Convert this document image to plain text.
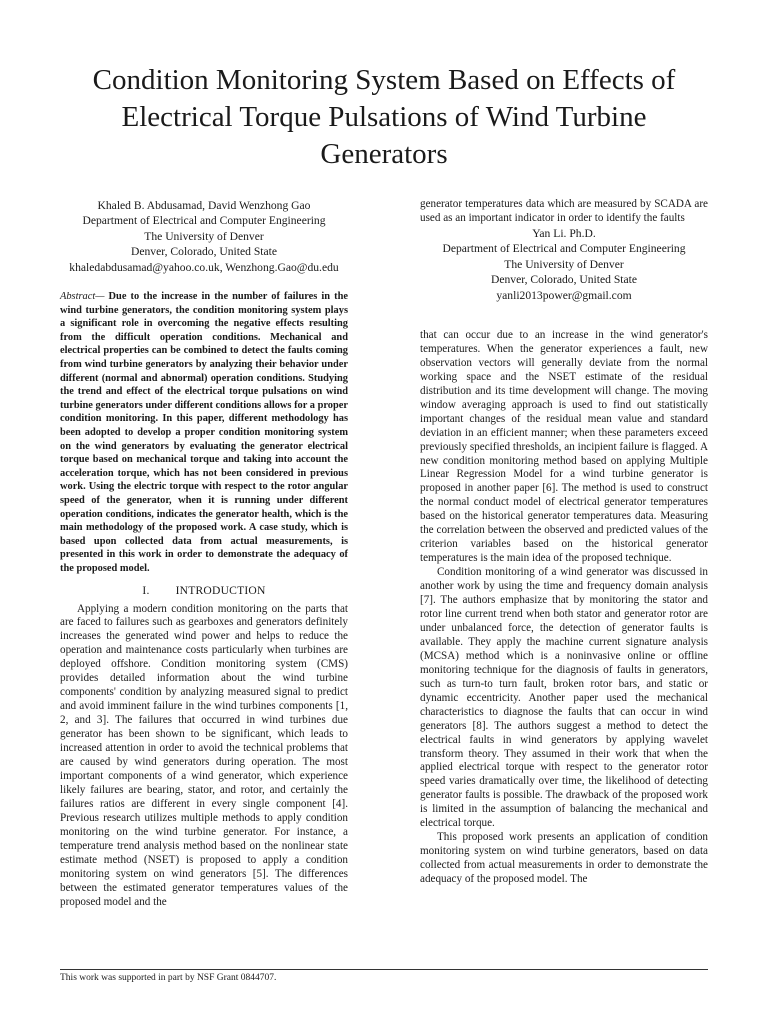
Condition Monitoring System Based on Effects of Electrical Torque Pulsations of Wind Turbine Generators
Khaled B. Abdusamad, David Wenzhong Gao
Department of Electrical and Computer Engineering
The University of Denver
Denver, Colorado, United State
khaledabdusamad@yahoo.co.uk, Wenzhong.Gao@du.edu
Abstract— Due to the increase in the number of failures in the wind turbine generators, the condition monitoring system plays a significant role in overcoming the negative effects resulting from the difficult operation conditions. Mechanical and electrical properties can be combined to detect the faults coming from wind turbine generators by analyzing their behavior under different (normal and abnormal) operation conditions. Studying the trend and effect of the electrical torque pulsations on wind turbine generators under different conditions allows for a proper condition monitoring. In this paper, different methodology has been adopted to develop a proper condition monitoring system on the wind generators by evaluating the generator electrical torque based on mechanical torque and taking into account the acceleration torque, which has not been considered in previous work. Using the electric torque with respect to the rotor angular speed of the generator, when it is running under different operation conditions, indicates the generator health, which is the main methodology of the proposed work. A case study, which is based upon collected data from actual measurements, is presented in this work in order to demonstrate the adequacy of the proposed model.
I. INTRODUCTION

Applying a modern condition monitoring on the parts that are faced to failures such as gearboxes and generators definitely increases the generated wind power and helps to reduce the operation and maintenance costs particularly when turbines are deployed offshore. Condition monitoring system (CMS) provides detailed information about the wind turbine components' condition by analyzing measured signal to predict and avoid imminent failure in the wind turbines components [1, 2, and 3]. The failures that occurred in wind turbines due generator has been shown to be significant, which leads to increased attention in order to avoid the technical problems that are caused by wind generators during operation. The most important components of a wind generator, which experience likely failures are bearing, stator, and rotor, and certainly the failures ratios are different in every single component [4]. Previous research utilizes multiple methods to apply condition monitoring on the wind turbine generator. For instance, a temperature trend analysis method based on the nonlinear state estimate method (NSET) is proposed to apply a condition monitoring system on wind generators [5]. The differences between the estimated generator temperatures values of the proposed model and the

generator temperatures data which are measured by SCADA are used as an important indicator in order to identify the faults

Yan Li. Ph.D.
Department of Electrical and Computer Engineering
The University of Denver
Denver, Colorado, United State
yanli2013power@gmail.com

that can occur due to an increase in the wind generator's temperatures. When the generator experiences a fault, new observation vectors will generally deviate from the normal working space and the NSET estimate of the residual distribution and its time development will change. The moving window averaging approach is used to find out statistically important changes of the residual mean value and standard deviation in an efficient manner; when these parameters exceed previously specified thresholds, an incipient failure is flagged. A new condition monitoring method based on applying Multiple Linear Regression Model for a wind turbine generator is proposed in another paper [6]. The method is used to construct the normal conduct model of electrical generator temperatures based on the historical generator temperatures data. Measuring the correlation between the observed and predicted values of the criterion variables based on the historical generator temperatures is the main idea of the proposed technique.

Condition monitoring of a wind generator was discussed in another work by using the time and frequency domain analysis [7]. The authors emphasize that by monitoring the stator and rotor line current trend when both stator and generator rotor are under unbalanced force, the detection of generator faults is available. They apply the machine current signature analysis (MCSA) method which is a noninvasive online or offline monitoring technique for the diagnosis of faults in generators, such as turn-to turn fault, broken rotor bars, and static or dynamic eccentricity. Another paper used the mechanical characteristics to diagnose the faults that can occur in wind generators [8]. The authors suggest a method to detect the electrical faults in wind generators by applying wavelet transform theory. They assumed in their work that when the applied electrical torque with respect to the generator rotor speed varies dramatically over time, the likelihood of detecting generator faults is possible. The drawback of the proposed work is limited in the assumption of balancing the mechanical and electrical torque.

This proposed work presents an application of condition monitoring system on wind turbine generators, based on data collected from actual measurements in order to demonstrate the adequacy of the proposed model. The

This work was supported in part by NSF Grant 0844707.
